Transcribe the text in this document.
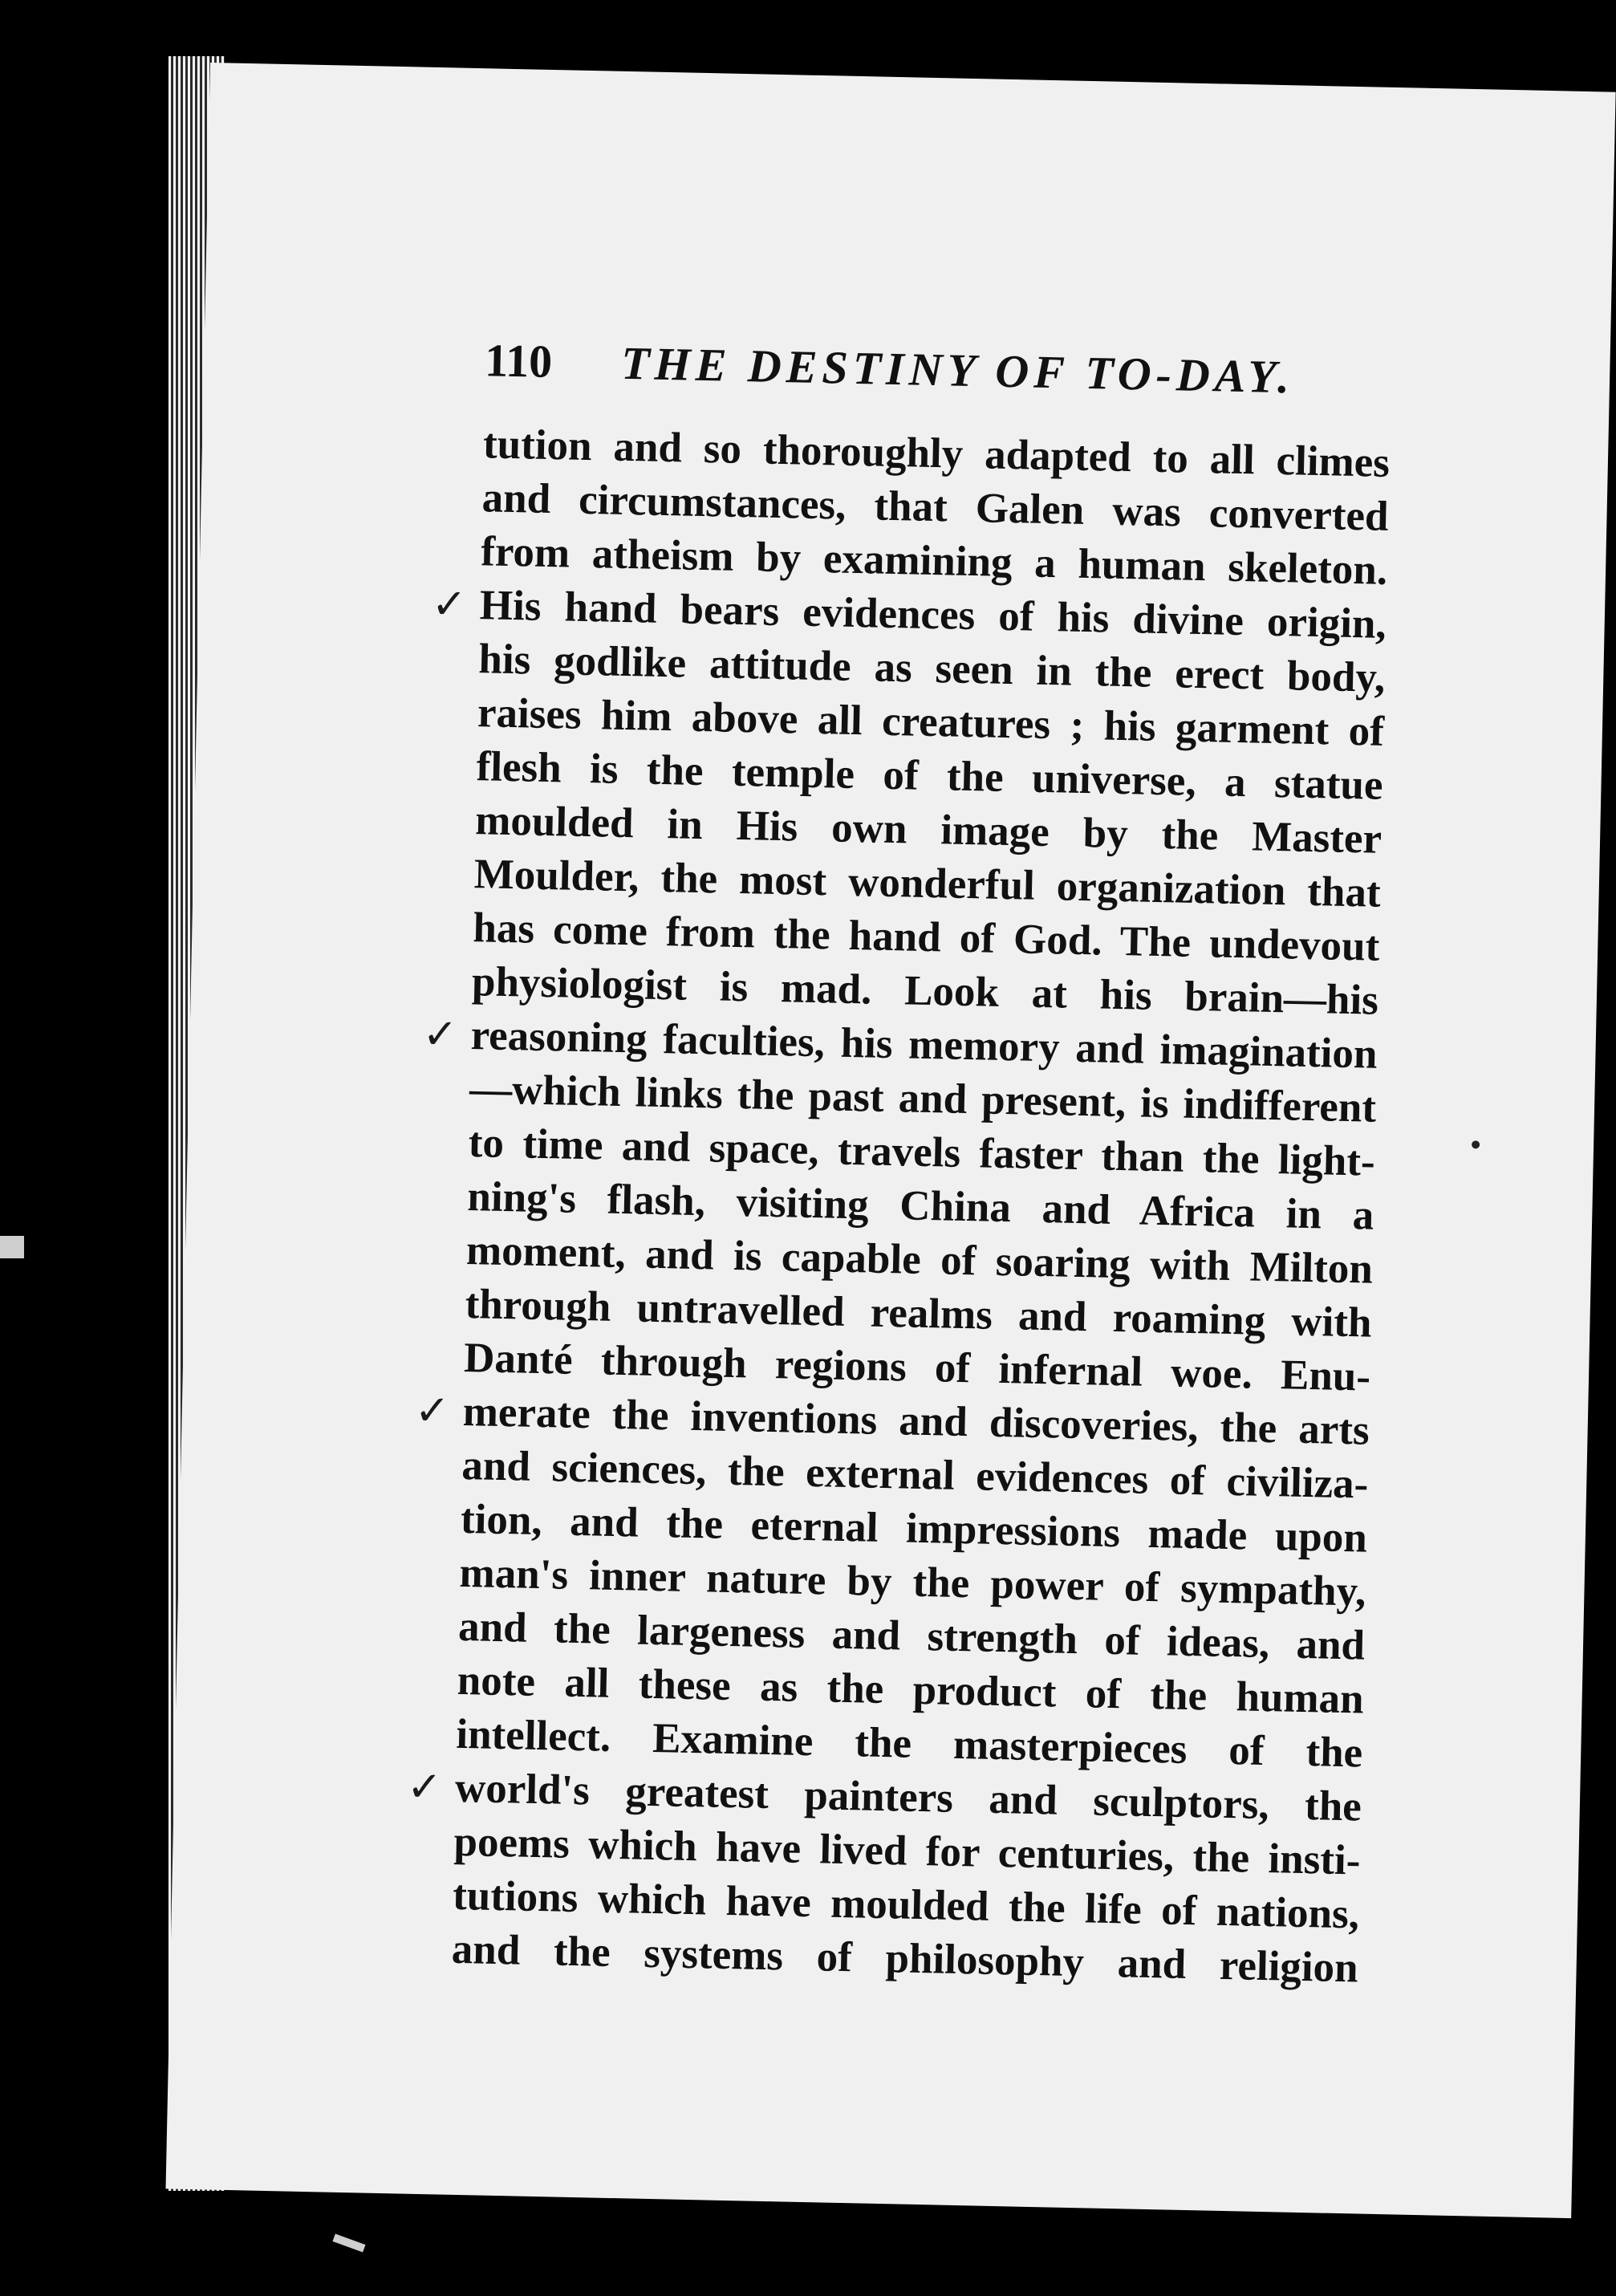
110 THE DESTINY OF TO-DAY.
tution and so thoroughly adapted to all climes
and circumstances, that Galen was converted
from atheism by examining a human skeleton.
✓ His hand bears evidences of his divine origin,
his godlike attitude as seen in the erect body,
raises him above all creatures ; his garment of
flesh is the temple of the universe, a statue
moulded in His own image by the Master
Moulder, the most wonderful organization that
has come from the hand of God. The undevout
physiologist is mad. Look at his brain—his
✓ reasoning faculties, his memory and imagination
—which links the past and present, is indifferent
to time and space, travels faster than the light-
ning's flash, visiting China and Africa in a
moment, and is capable of soaring with Milton
through untravelled realms and roaming with
Danté through regions of infernal woe. Enu-
✓ merate the inventions and discoveries, the arts
and sciences, the external evidences of civiliza-
tion, and the eternal impressions made upon
man's inner nature by the power of sympathy,
and the largeness and strength of ideas, and
note all these as the product of the human
intellect. Examine the masterpieces of the
✓ world's greatest painters and sculptors, the
poems which have lived for centuries, the insti-
tutions which have moulded the life of nations,
and the systems of philosophy and religion
